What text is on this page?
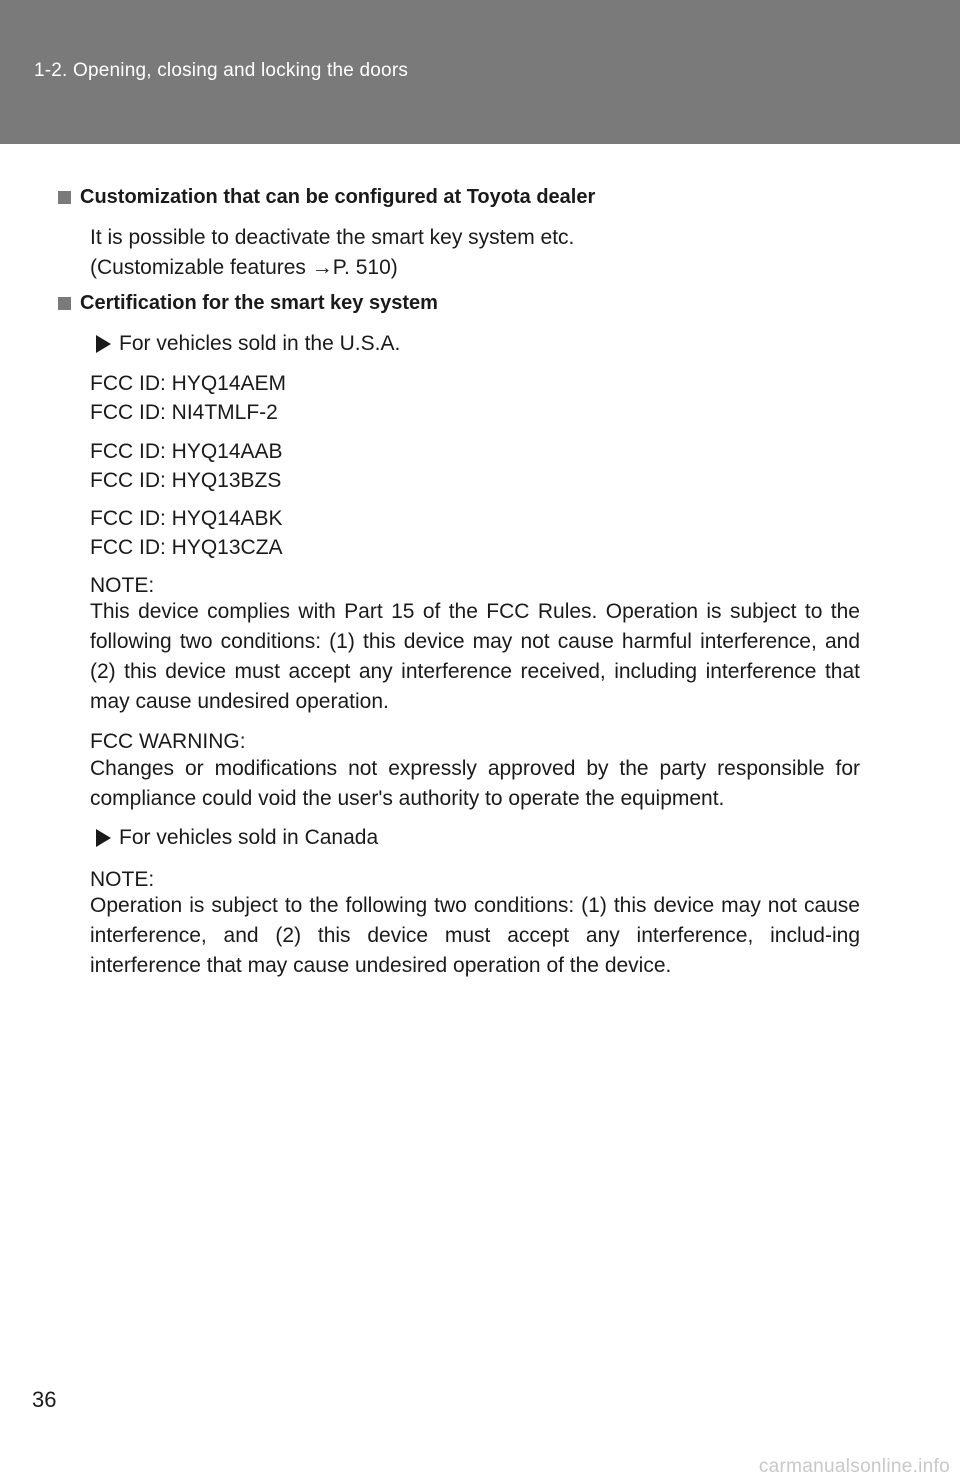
1-2. Opening, closing and locking the doors
Customization that can be configured at Toyota dealer
It is possible to deactivate the smart key system etc.
(Customizable features →P. 510)
Certification for the smart key system
For vehicles sold in the U.S.A.
FCC ID: HYQ14AEM
FCC ID: NI4TMLF-2
FCC ID: HYQ14AAB
FCC ID: HYQ13BZS
FCC ID: HYQ14ABK
FCC ID: HYQ13CZA
NOTE:
This device complies with Part 15 of the FCC Rules. Operation is subject to the following two conditions: (1) this device may not cause harmful interference, and (2) this device must accept any interference received, including interference that may cause undesired operation.
FCC WARNING:
Changes or modifications not expressly approved by the party responsible for compliance could void the user's authority to operate the equipment.
For vehicles sold in Canada
NOTE:
Operation is subject to the following two conditions: (1) this device may not cause interference, and (2) this device must accept any interference, includ-ing interference that may cause undesired operation of the device.
36
carmanualsonline.info
